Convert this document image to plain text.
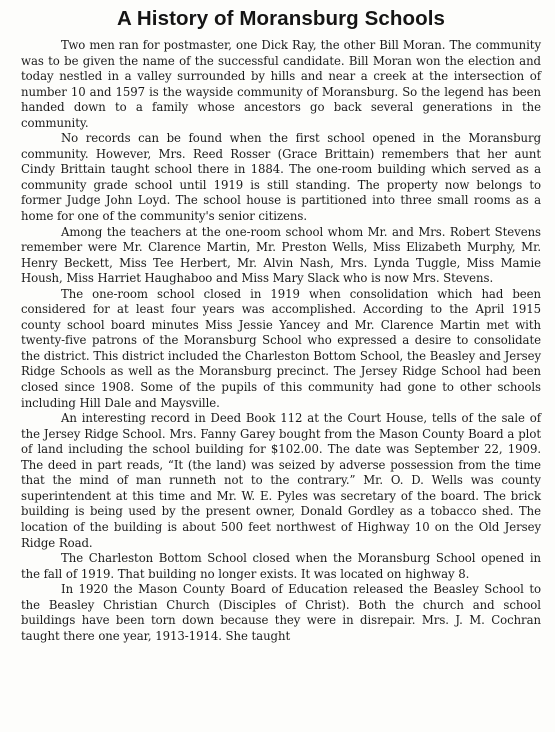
A History of Moransburg Schools

Two men ran for postmaster, one Dick Ray, the other Bill Moran. The community was to be given the name of the successful candidate. Bill Moran won the election and today nestled in a valley surrounded by hills and near a creek at the intersection of number 10 and 1597 is the wayside community of Moransburg. So the legend has been handed down to a family whose ancestors go back several generations in the community.

No records can be found when the first school opened in the Moransburg community. However, Mrs. Reed Rosser (Grace Brittain) remembers that her aunt Cindy Brittain taught school there in 1884. The one-room building which served as a community grade school until 1919 is still standing. The property now belongs to former Judge John Loyd. The school house is partitioned into three small rooms as a home for one of the community's senior citizens.

Among the teachers at the one-room school whom Mr. and Mrs. Robert Stevens remember were Mr. Clarence Martin, Mr. Preston Wells, Miss Elizabeth Murphy, Mr. Henry Beckett, Miss Tee Herbert, Mr. Alvin Nash, Mrs. Lynda Tuggle, Miss Mamie Housh, Miss Harriet Haughaboo and Miss Mary Slack who is now Mrs. Stevens.

The one-room school closed in 1919 when consolidation which had been considered for at least four years was accomplished. According to the April 1915 county school board minutes Miss Jessie Yancey and Mr. Clarence Martin met with twenty-five patrons of the Moransburg School who expressed a desire to consolidate the district. This district included the Charleston Bottom School, the Beasley and Jersey Ridge Schools as well as the Moransburg precinct. The Jersey Ridge School had been closed since 1908. Some of the pupils of this community had gone to other schools including Hill Dale and Maysville.

An interesting record in Deed Book 112 at the Court House, tells of the sale of the Jersey Ridge School. Mrs. Fanny Garey bought from the Mason County Board a plot of land including the school building for $102.00. The date was September 22, 1909. The deed in part reads, “It (the land) was seized by adverse possession from the time that the mind of man runneth not to the contrary.” Mr. O. D. Wells was county superintendent at this time and Mr. W. E. Pyles was secretary of the board. The brick building is being used by the present owner, Donald Gordley as a tobacco shed. The location of the building is about 500 feet northwest of Highway 10 on the Old Jersey Ridge Road.

The Charleston Bottom School closed when the Moransburg School opened in the fall of 1919. That building no longer exists. It was located on highway 8.

In 1920 the Mason County Board of Education released the Beasley School to the Beasley Christian Church (Disciples of Christ). Both the church and school buildings have been torn down because they were in disrepair. Mrs. J. M. Cochran taught there one year, 1913-1914. She taught
